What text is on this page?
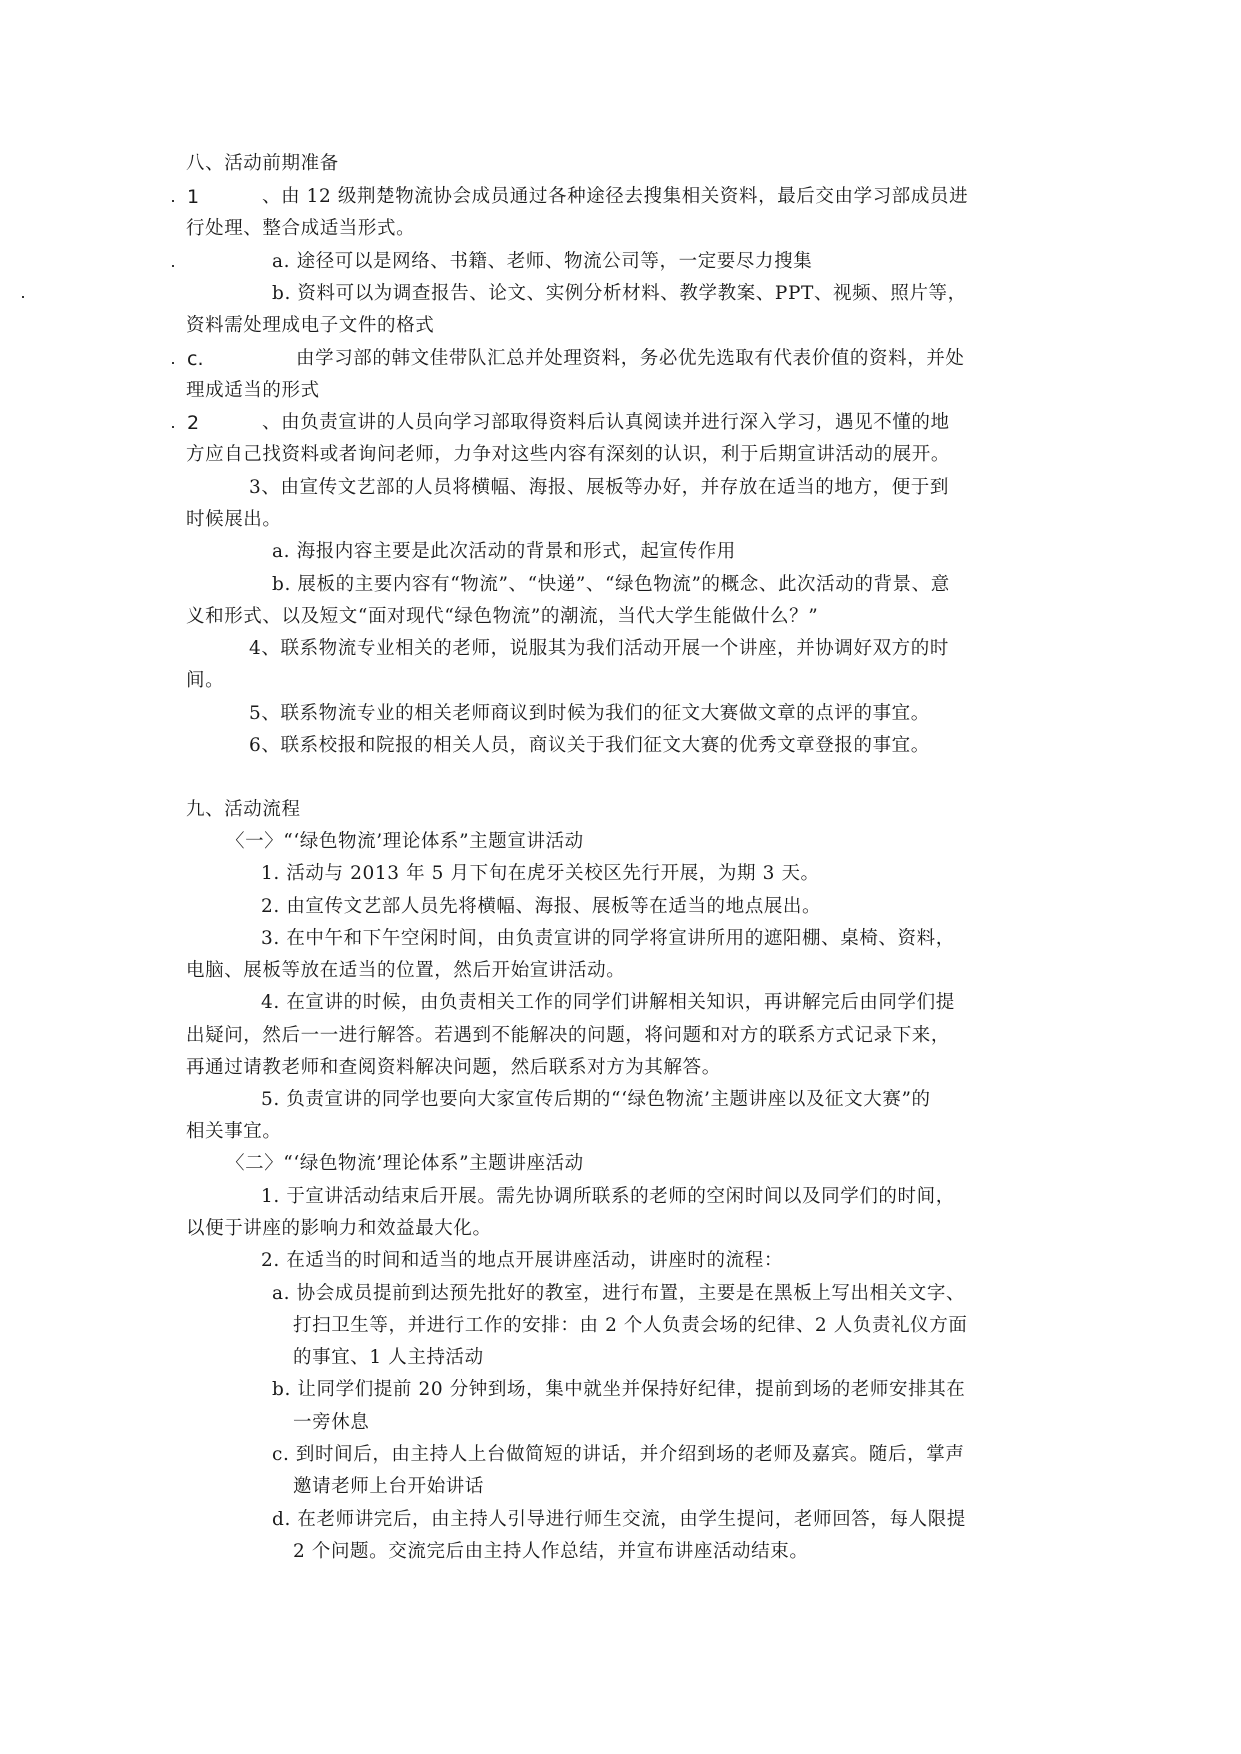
八、活动前期准备
1	、由 12 级荆楚物流协会成员通过各种途径去搜集相关资料，最后交由学习部成员进
行处理、整合成适当形式。
a. 途径可以是网络、书籍、老师、物流公司等，一定要尽力搜集
b. 资料可以为调查报告、论文、实例分析材料、教学教案、PPT、视频、照片等，
资料需处理成电子文件的格式
c.	由学习部的韩文佳带队汇总并处理资料，务必优先选取有代表价值的资料，并处
理成适当的形式
2	、由负责宣讲的人员向学习部取得资料后认真阅读并进行深入学习，遇见不懂的地
方应自己找资料或者询问老师，力争对这些内容有深刻的认识，利于后期宣讲活动的展开。
3、由宣传文艺部的人员将横幅、海报、展板等办好，并存放在适当的地方，便于到
时候展出。
a. 海报内容主要是此次活动的背景和形式，起宣传作用
b. 展板的主要内容有“物流”、“快递”、“绿色物流”的概念、此次活动的背景、意
义和形式、以及短文“面对现代“绿色物流”的潮流，当代大学生能做什么？”
4、联系物流专业相关的老师，说服其为我们活动开展一个讲座，并协调好双方的时
间。
5、联系物流专业的相关老师商议到时候为我们的征文大赛做文章的点评的事宜。
6、联系校报和院报的相关人员，商议关于我们征文大赛的优秀文章登报的事宜。
九、活动流程
〈一〉“‘绿色物流’理论体系”主题宣讲活动
1. 活动与 2013 年 5 月下旬在虎牙关校区先行开展，为期 3 天。
2. 由宣传文艺部人员先将横幅、海报、展板等在适当的地点展出。
3. 在中午和下午空闲时间，由负责宣讲的同学将宣讲所用的遮阳棚、桌椅、资料，
电脑、展板等放在适当的位置，然后开始宣讲活动。
4. 在宣讲的时候，由负责相关工作的同学们讲解相关知识，再讲解完后由同学们提
出疑问，然后一一进行解答。若遇到不能解决的问题，将问题和对方的联系方式记录下来，
再通过请教老师和查阅资料解决问题，然后联系对方为其解答。
5. 负责宣讲的同学也要向大家宣传后期的“‘绿色物流’主题讲座以及征文大赛”的
相关事宜。
〈二〉“‘绿色物流’理论体系”主题讲座活动
1. 于宣讲活动结束后开展。需先协调所联系的老师的空闲时间以及同学们的时间，
以便于讲座的影响力和效益最大化。
2. 在适当的时间和适当的地点开展讲座活动，讲座时的流程：
a. 协会成员提前到达预先批好的教室，进行布置，主要是在黑板上写出相关文字、
打扫卫生等，并进行工作的安排：由 2 个人负责会场的纪律、2 人负责礼仪方面
的事宜、1 人主持活动
b. 让同学们提前 20 分钟到场，集中就坐并保持好纪律，提前到场的老师安排其在
一旁休息
c. 到时间后，由主持人上台做简短的讲话，并介绍到场的老师及嘉宾。随后，掌声
邀请老师上台开始讲话
d. 在老师讲完后，由主持人引导进行师生交流，由学生提问，老师回答，每人限提
2 个问题。交流完后由主持人作总结，并宣布讲座活动结束。
